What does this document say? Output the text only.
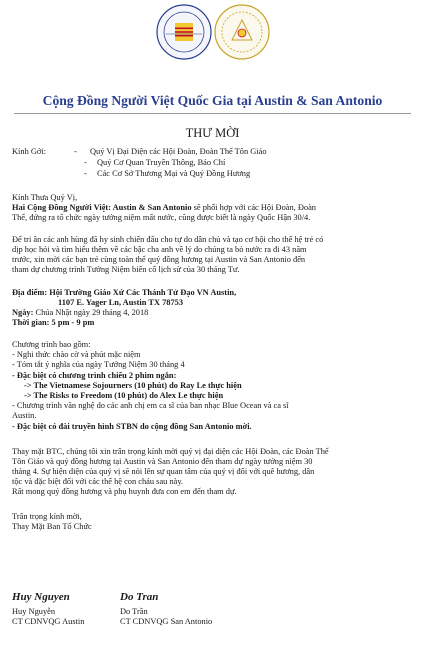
Cộng Đồng Người Việt Quốc Gia tại Austin & San Antonio
THƯ MỜI
Kính Gởi:	- Quý Vị Đại Diện các Hội Đoàn, Đoàn Thể Tôn Giáo
- Quý Cơ Quan Truyền Thông, Báo Chí
- Các Cơ Sở Thương Mại và Quý Đồng Hương
Kính Thưa Quý Vị,
Hai Cộng Đồng Người Việt: Austin & San Antonio sẽ phối hợp với các Hội Đoàn, Đoàn
Thể, đứng ra tổ chức ngày tưởng niệm mất nước, cũng được biết là ngày Quốc Hận 30/4.
Để tri ân các anh hùng đã hy sinh chiến đấu cho tự do dân chủ và tạo cơ hội cho thế hệ trẻ có
dịp học hỏi và tìm hiểu thêm về các bậc cha anh về lý do chúng ta bỏ nước ra đi 43 năm
trước, xin mời các bạn trẻ cùng toàn thể quý đồng hương tại Austin và San Antonio đến
tham dự chương trình Tưởng Niệm biến cố lịch sử của 30 tháng Tư.
Địa điểm: Hội Trường Giáo Xứ Các Thánh Tử Đạo VN Austin,
1107 E. Yager Ln, Austin TX 78753
Ngày: Chúa Nhật ngày 29 tháng 4, 2018
Thời gian: 5 pm - 9 pm
Chương trình bao gồm:
- Nghi thức chào cờ và phút mặc niệm
- Tóm tắt ý nghĩa của ngày Tưởng Niệm 30 tháng 4
- Đặc biệt có chương trình chiếu 2 phim ngắn:
-> The Vietnamese Sojourners (10 phút) do Ray Le thực hiện
-> The Risks to Freedom (10 phút) do Alex Le thực hiện
- Chương trình văn nghệ do các anh chị em ca sĩ của ban nhạc Blue Ocean và ca sĩ
Austin.
- Đặc biệt có đài truyền hình STBN do cộng đồng San Antonio mời.
Thay mặt BTC, chúng tôi xin trân trọng kính mời quý vị đại diện các Hội Đoàn, các Đoàn Thể
Tôn Giáo và quý đồng hương tại Austin và San Antonio đến tham dự ngày tưởng niệm 30
tháng 4. Sự hiện diện của quý vị sẽ nói lên sự quan tâm của quý vị đối với quê hương, dân
tộc và đặc biệt đối với các thế hệ con cháu sau này.
Rất mong quý đồng hương và phụ huynh đưa con em đến tham dự.
Trân trọng kính mời,
Thay Mặt Ban Tổ Chức
Huy Nguyen
Huy Nguyễn
CT CDNVQG Austin
Do Tran
Do Trần
CT CDNVQG San Antonio
